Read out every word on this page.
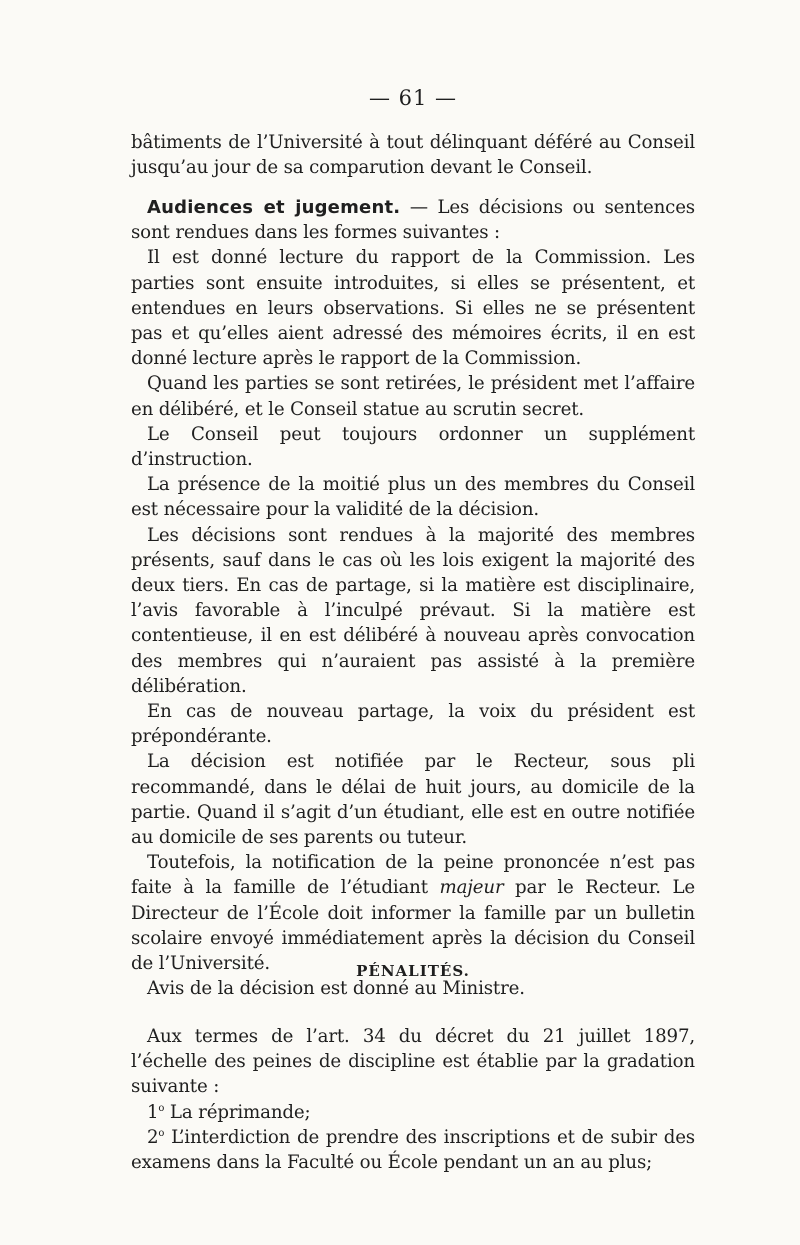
— 61 —

bâtiments de l’Université à tout délinquant déféré au Conseil jusqu’au jour de sa comparution devant le Conseil.

Audiences et jugement. — Les décisions ou sentences sont rendues dans les formes suivantes :

Il est donné lecture du rapport de la Commission. Les parties sont ensuite introduites, si elles se présentent, et entendues en leurs observations. Si elles ne se présentent pas et qu’elles aient adressé des mémoires écrits, il en est donné lecture après le rapport de la Commission.

Quand les parties se sont retirées, le président met l’affaire en délibéré, et le Conseil statue au scrutin secret.

Le Conseil peut toujours ordonner un supplément d’instruction.

La présence de la moitié plus un des membres du Conseil est nécessaire pour la validité de la décision.

Les décisions sont rendues à la majorité des membres présents, sauf dans le cas où les lois exigent la majorité des deux tiers. En cas de partage, si la matière est disciplinaire, l’avis favorable à l’inculpé prévaut. Si la matière est contentieuse, il en est délibéré à nouveau après convocation des membres qui n’auraient pas assisté à la première délibération.

En cas de nouveau partage, la voix du président est prépondérante.

La décision est notifiée par le Recteur, sous pli recommandé, dans le délai de huit jours, au domicile de la partie. Quand il s’agit d’un étudiant, elle est en outre notifiée au domicile de ses parents ou tuteur.

Toutefois, la notification de la peine prononcée n’est pas faite à la famille de l’étudiant majeur par le Recteur. Le Directeur de l’École doit informer la famille par un bulletin scolaire envoyé immédiatement après la décision du Conseil de l’Université.

Avis de la décision est donné au Ministre.

PÉNALITÉS.

Aux termes de l’art. 34 du décret du 21 juillet 1897, l’échelle des peines de discipline est établie par la gradation suivante :

1$^o$ La réprimande;

2$^o$ L’interdiction de prendre des inscriptions et de subir des examens dans la Faculté ou École pendant un an au plus;
